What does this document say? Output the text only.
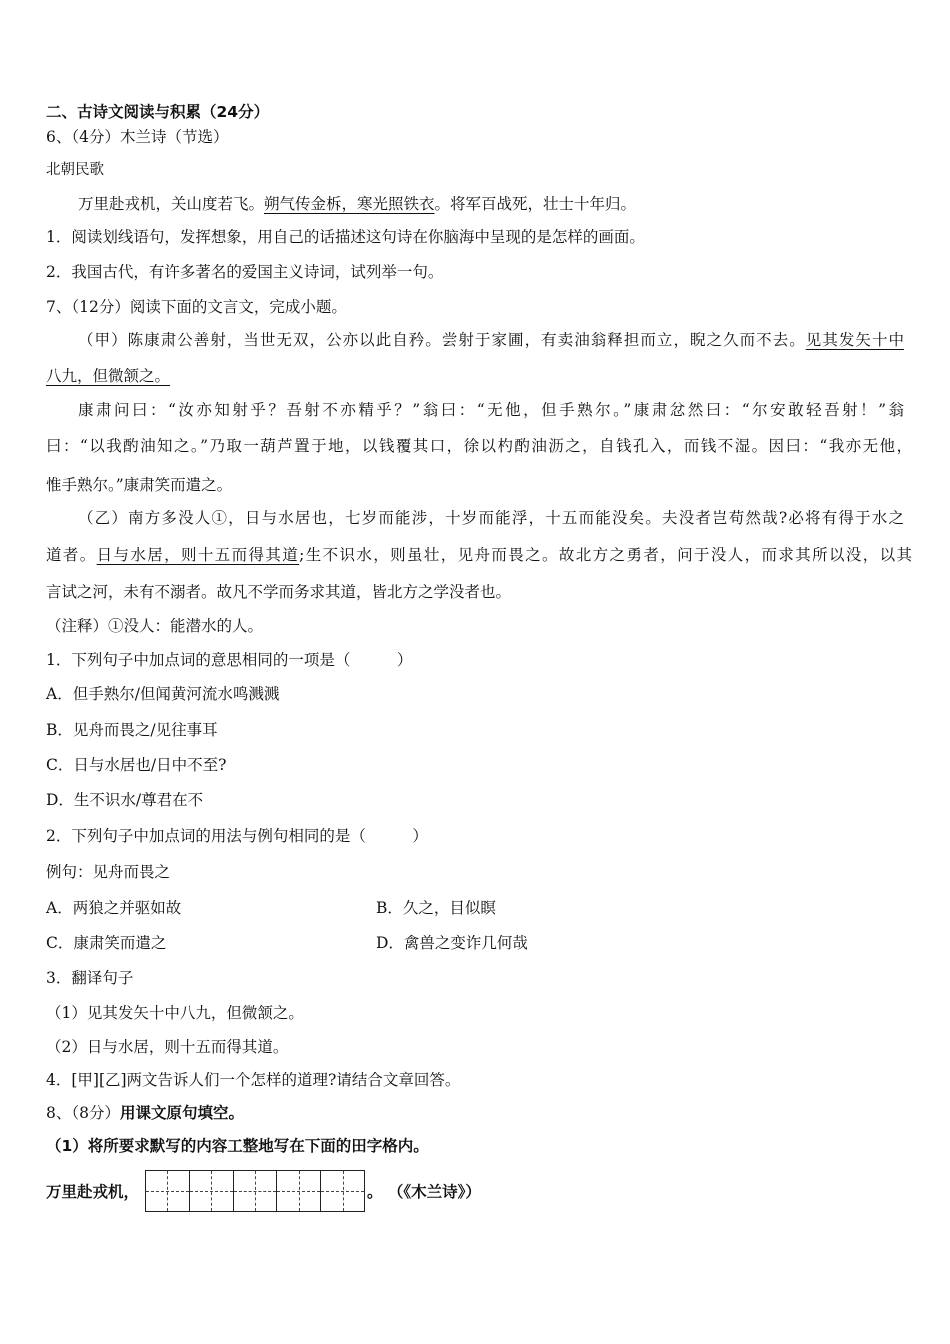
二、古诗文阅读与积累（24分）
6、（4分）木兰诗（节选）
北朝民歌
万里赴戎机，关山度若飞。朔气传金柝，寒光照铁衣。将军百战死，壮士十年归。
1．阅读划线语句，发挥想象，用自己的话描述这句诗在你脑海中呈现的是怎样的画面。
2．我国古代，有许多著名的爱国主义诗词，试列举一句。
7、（12分）阅读下面的文言文，完成小题。
（甲）陈康肃公善射，当世无双，公亦以此自矜。尝射于家圃，有卖油翁释担而立，睨之久而不去。见其发矢十中
八九，但微颔之。
康肃问曰：“汝亦知射乎？吾射不亦精乎？”翁曰：“无他，但手熟尔。”康肃忿然曰：“尔安敢轻吾射！”翁
曰：“以我酌油知之。”乃取一葫芦置于地，以钱覆其口，徐以杓酌油沥之，自钱孔入，而钱不湿。因曰：“我亦无他，
惟手熟尔。”康肃笑而遣之。
（乙）南方多没人①，日与水居也，七岁而能涉，十岁而能浮，十五而能没矣。夫没者岂苟然哉?必将有得于水之
道者。日与水居，则十五而得其道;生不识水，则虽壮，见舟而畏之。故北方之勇者，问于没人，而求其所以没，以其
言试之河，未有不溺者。故凡不学而务求其道，皆北方之学没者也。
（注释）①没人：能潜水的人。
1．下列句子中加点词的意思相同的一项是（　　　）
A．但手熟尔/但闻黄河流水鸣溅溅
B．见舟而畏之/见往事耳
C．日与水居也/日中不至?
D．生不识水/尊君在不
2．下列句子中加点词的用法与例句相同的是（　　　）
例句：见舟而畏之
A．两狼之并驱如故	B．久之，目似瞑
C．康肃笑而遣之	D．禽兽之变诈几何哉
3．翻译句子
（1）见其发矢十中八九，但微颔之。
（2）日与水居，则十五而得其道。
4．[甲][乙]两文告诉人们一个怎样的道理?请结合文章回答。
8、（8分）用课文原句填空。
（1）将所要求默写的内容工整地写在下面的田字格内。
万里赴戎机，	。 （《木兰诗》）
